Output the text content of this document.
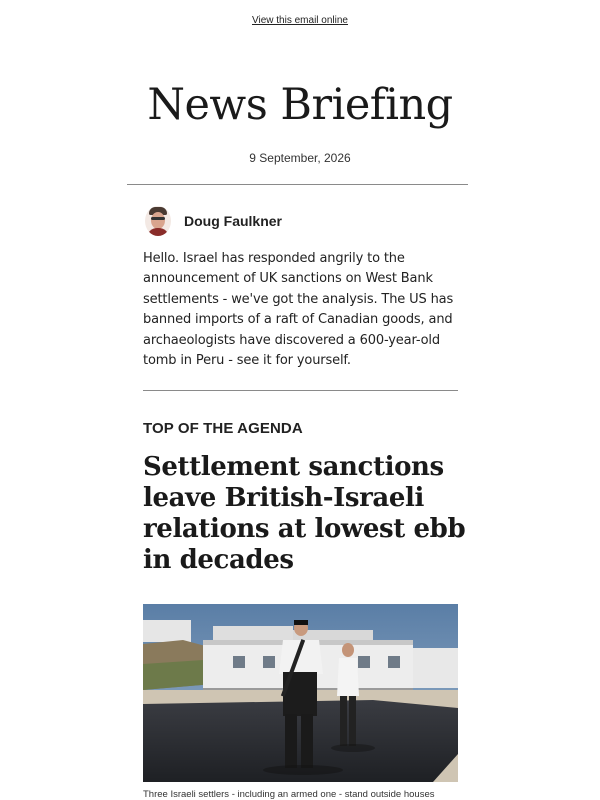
View this email online
News Briefing
9 September, 2026
Doug Faulkner

Hello. Israel has responded angrily to the announcement of UK sanctions on West Bank settlements - we've got the analysis. The US has banned imports of a raft of Canadian goods, and archaeologists have discovered a 600-year-old tomb in Peru - see it for yourself.

TOP OF THE AGENDA
Settlement sanctions leave British-Israeli relations at lowest ebb in decades
Three Israeli settlers - including an armed one - stand outside houses
